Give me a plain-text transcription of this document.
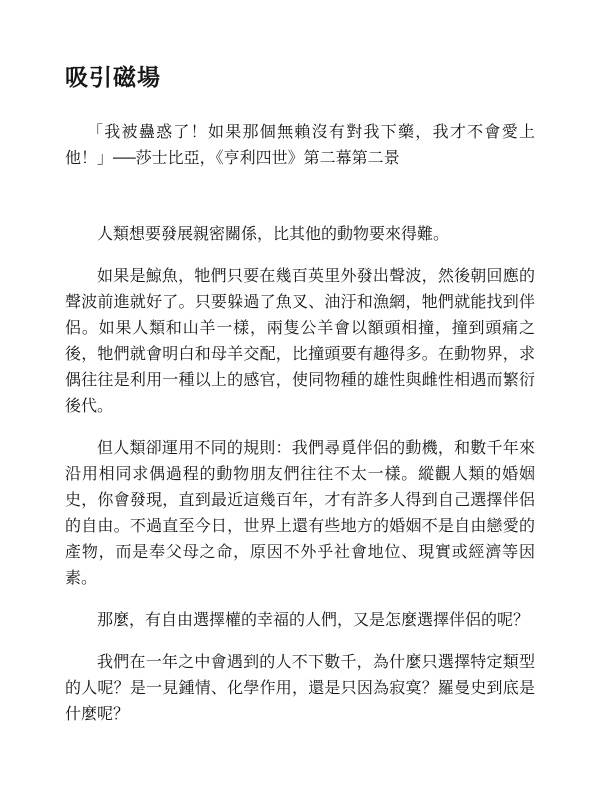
吸引磁場

「我被蠱惑了！如果那個無賴沒有對我下藥，我才不會愛上他！」──莎士比亞，《亨利四世》第二幕第二景

人類想要發展親密關係，比其他的動物要來得難。

如果是鯨魚，牠們只要在幾百英里外發出聲波，然後朝回應的聲波前進就好了。只要躲過了魚叉、油汙和漁網，牠們就能找到伴侶。如果人類和山羊一樣，兩隻公羊會以額頭相撞，撞到頭痛之後，牠們就會明白和母羊交配，比撞頭要有趣得多。在動物界，求偶往往是利用一種以上的感官，使同物種的雄性與雌性相遇而繁衍後代。

但人類卻運用不同的規則：我們尋覓伴侶的動機，和數千年來沿用相同求偶過程的動物朋友們往往不太一樣。縱觀人類的婚姻史，你會發現，直到最近這幾百年，才有許多人得到自己選擇伴侶的自由。不過直至今日，世界上還有些地方的婚姻不是自由戀愛的產物，而是奉父母之命，原因不外乎社會地位、現實或經濟等因素。

那麼，有自由選擇權的幸福的人們，又是怎麼選擇伴侶的呢？

我們在一年之中會遇到的人不下數千，為什麼只選擇特定類型的人呢？是一見鍾情、化學作用，還是只因為寂寞？羅曼史到底是什麼呢？
